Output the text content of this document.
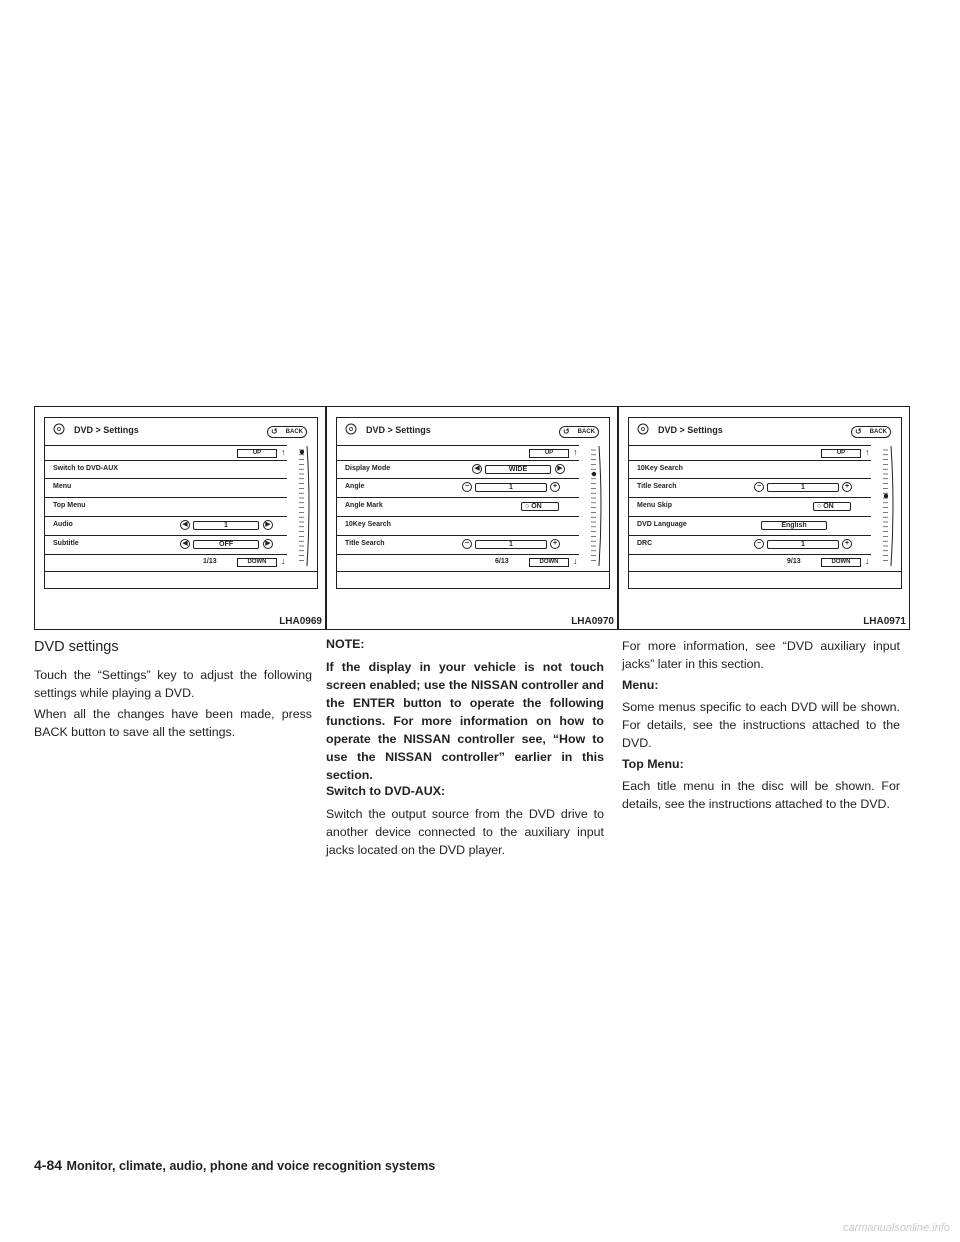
DVD > Settings	↺ BACK
UP	↑
Switch to DVD-AUX
Menu
Top Menu
Audio	◀	1	▶
Subtitle	◀	OFF	▶
1/13	DOWN	↓
LHA0969
DVD > Settings	↺ BACK
UP	↑
Display Mode	◀	WIDE	▶
Angle	−	1	+
Angle Mark	○ ON
10Key Search
Title Search	−	1	+
6/13	DOWN	↓
LHA0970
DVD > Settings	↺ BACK
UP	↑
10Key Search
Title Search	−	1	+
Menu Skip	○ ON
DVD Language	English
DRC	−	1	+
9/13	DOWN	↓
LHA0971
DVD settings

Touch the “Settings” key to adjust the following settings while playing a DVD.

When all the changes have been made, press BACK button to save all the settings.

NOTE:

If the display in your vehicle is not touch screen enabled; use the NISSAN controller and the ENTER button to operate the following functions. For more information on how to operate the NISSAN controller see, “How to use the NISSAN controller” earlier in this section.

Switch to DVD-AUX:

Switch the output source from the DVD drive to another device connected to the auxiliary input jacks located on the DVD player.

For more information, see “DVD auxiliary input jacks” later in this section.

Menu:

Some menus specific to each DVD will be shown. For details, see the instructions attached to the DVD.

Top Menu:

Each title menu in the disc will be shown. For details, see the instructions attached to the DVD.

4-84 Monitor, climate, audio, phone and voice recognition systems
carmanualsonline.info
